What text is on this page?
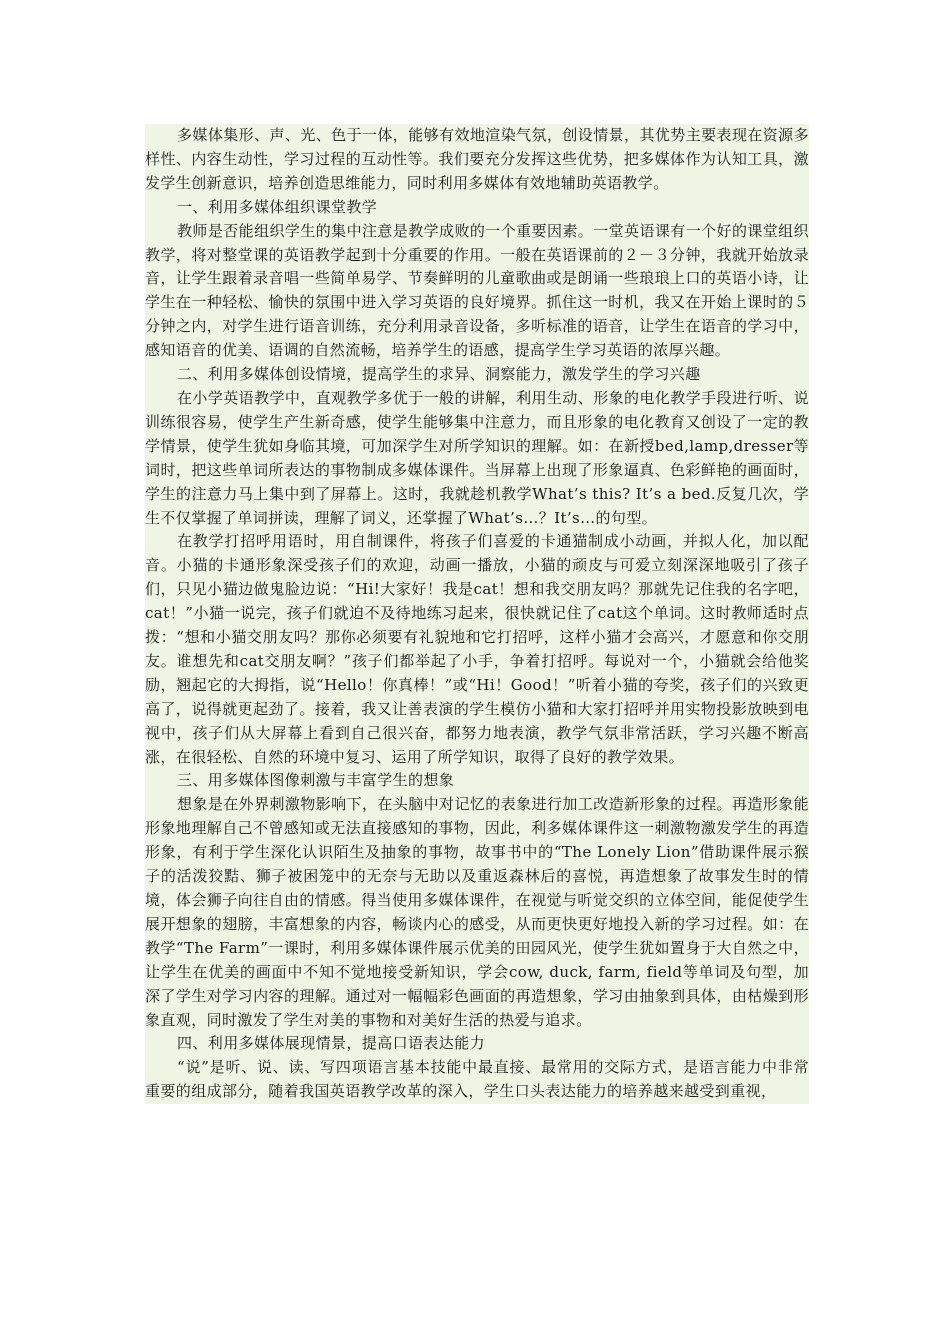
多媒体集形、声、光、色于一体，能够有效地渲染气氛，创设情景，其优势主要表现在资源多样性、内容生动性，学习过程的互动性等。我们要充分发挥这些优势，把多媒体作为认知工具，激发学生创新意识，培养创造思维能力，同时利用多媒体有效地辅助英语教学。

一、利用多媒体组织课堂教学

教师是否能组织学生的集中注意是教学成败的一个重要因素。一堂英语课有一个好的课堂组织教学，将对整堂课的英语教学起到十分重要的作用。一般在英语课前的２－３分钟，我就开始放录音，让学生跟着录音唱一些简单易学、节奏鲜明的儿童歌曲或是朗诵一些琅琅上口的英语小诗，让学生在一种轻松、愉快的氛围中进入学习英语的良好境界。抓住这一时机，我又在开始上课时的５分钟之内，对学生进行语音训练，充分利用录音设备，多听标准的语音，让学生在语音的学习中，感知语音的优美、语调的自然流畅，培养学生的语感，提高学生学习英语的浓厚兴趣。

二、利用多媒体创设情境，提高学生的求异、洞察能力，激发学生的学习兴趣

在小学英语教学中，直观教学多优于一般的讲解，利用生动、形象的电化教学手段进行听、说训练很容易，使学生产生新奇感，使学生能够集中注意力，而且形象的电化教育又创设了一定的教学情景，使学生犹如身临其境，可加深学生对所学知识的理解。如：在新授bed,lamp,dresser等词时，把这些单词所表达的事物制成多媒体课件。当屏幕上出现了形象逼真、色彩鲜艳的画面时，学生的注意力马上集中到了屏幕上。这时，我就趁机教学What’s this? It’s a bed.反复几次，学生不仅掌握了单词拼读，理解了词义，还掌握了What’s…？It’s…的句型。

在教学打招呼用语时，用自制课件，将孩子们喜爱的卡通猫制成小动画，并拟人化，加以配音。小猫的卡通形象深受孩子们的欢迎，动画一播放，小猫的顽皮与可爱立刻深深地吸引了孩子们，只见小猫边做鬼脸边说：“Hi!大家好！我是cat！想和我交朋友吗？那就先记住我的名字吧，cat！”小猫一说完，孩子们就迫不及待地练习起来，很快就记住了cat这个单词。这时教师适时点拨：“想和小猫交朋友吗？那你必须要有礼貌地和它打招呼，这样小猫才会高兴，才愿意和你交朋友。谁想先和cat交朋友啊？”孩子们都举起了小手，争着打招呼。每说对一个，小猫就会给他奖励，翘起它的大拇指，说“Hello！你真棒！”或“Hi！Good！”听着小猫的夸奖，孩子们的兴致更高了，说得就更起劲了。接着，我又让善表演的学生模仿小猫和大家打招呼并用实物投影放映到电视中，孩子们从大屏幕上看到自己很兴奋，都努力地表演，教学气氛非常活跃，学习兴趣不断高涨，在很轻松、自然的环境中复习、运用了所学知识，取得了良好的教学效果。

三、用多媒体图像刺激与丰富学生的想象

想象是在外界刺激物影响下，在头脑中对记忆的表象进行加工改造新形象的过程。再造形象能形象地理解自己不曾感知或无法直接感知的事物，因此，利多媒体课件这一刺激物激发学生的再造形象，有利于学生深化认识陌生及抽象的事物，故事书中的“The Lonely Lion”借助课件展示猴子的活泼狡黠、狮子被困笼中的无奈与无助以及重返森林后的喜悦，再造想象了故事发生时的情境，体会狮子向往自由的情感。得当使用多媒体课件，在视觉与听觉交织的立体空间，能促使学生展开想象的翅膀，丰富想象的内容，畅谈内心的感受，从而更快更好地投入新的学习过程。如：在教学“The Farm”一课时，利用多媒体课件展示优美的田园风光，使学生犹如置身于大自然之中，让学生在优美的画面中不知不觉地接受新知识，学会cow, duck, farm, field等单词及句型，加深了学生对学习内容的理解。通过对一幅幅彩色画面的再造想象，学习由抽象到具体，由枯燥到形象直观，同时激发了学生对美的事物和对美好生活的热爱与追求。

四、利用多媒体展现情景，提高口语表达能力

“说”是听、说、读、写四项语言基本技能中最直接、最常用的交际方式，是语言能力中非常重要的组成部分，随着我国英语教学改革的深入，学生口头表达能力的培养越来越受到重视，
